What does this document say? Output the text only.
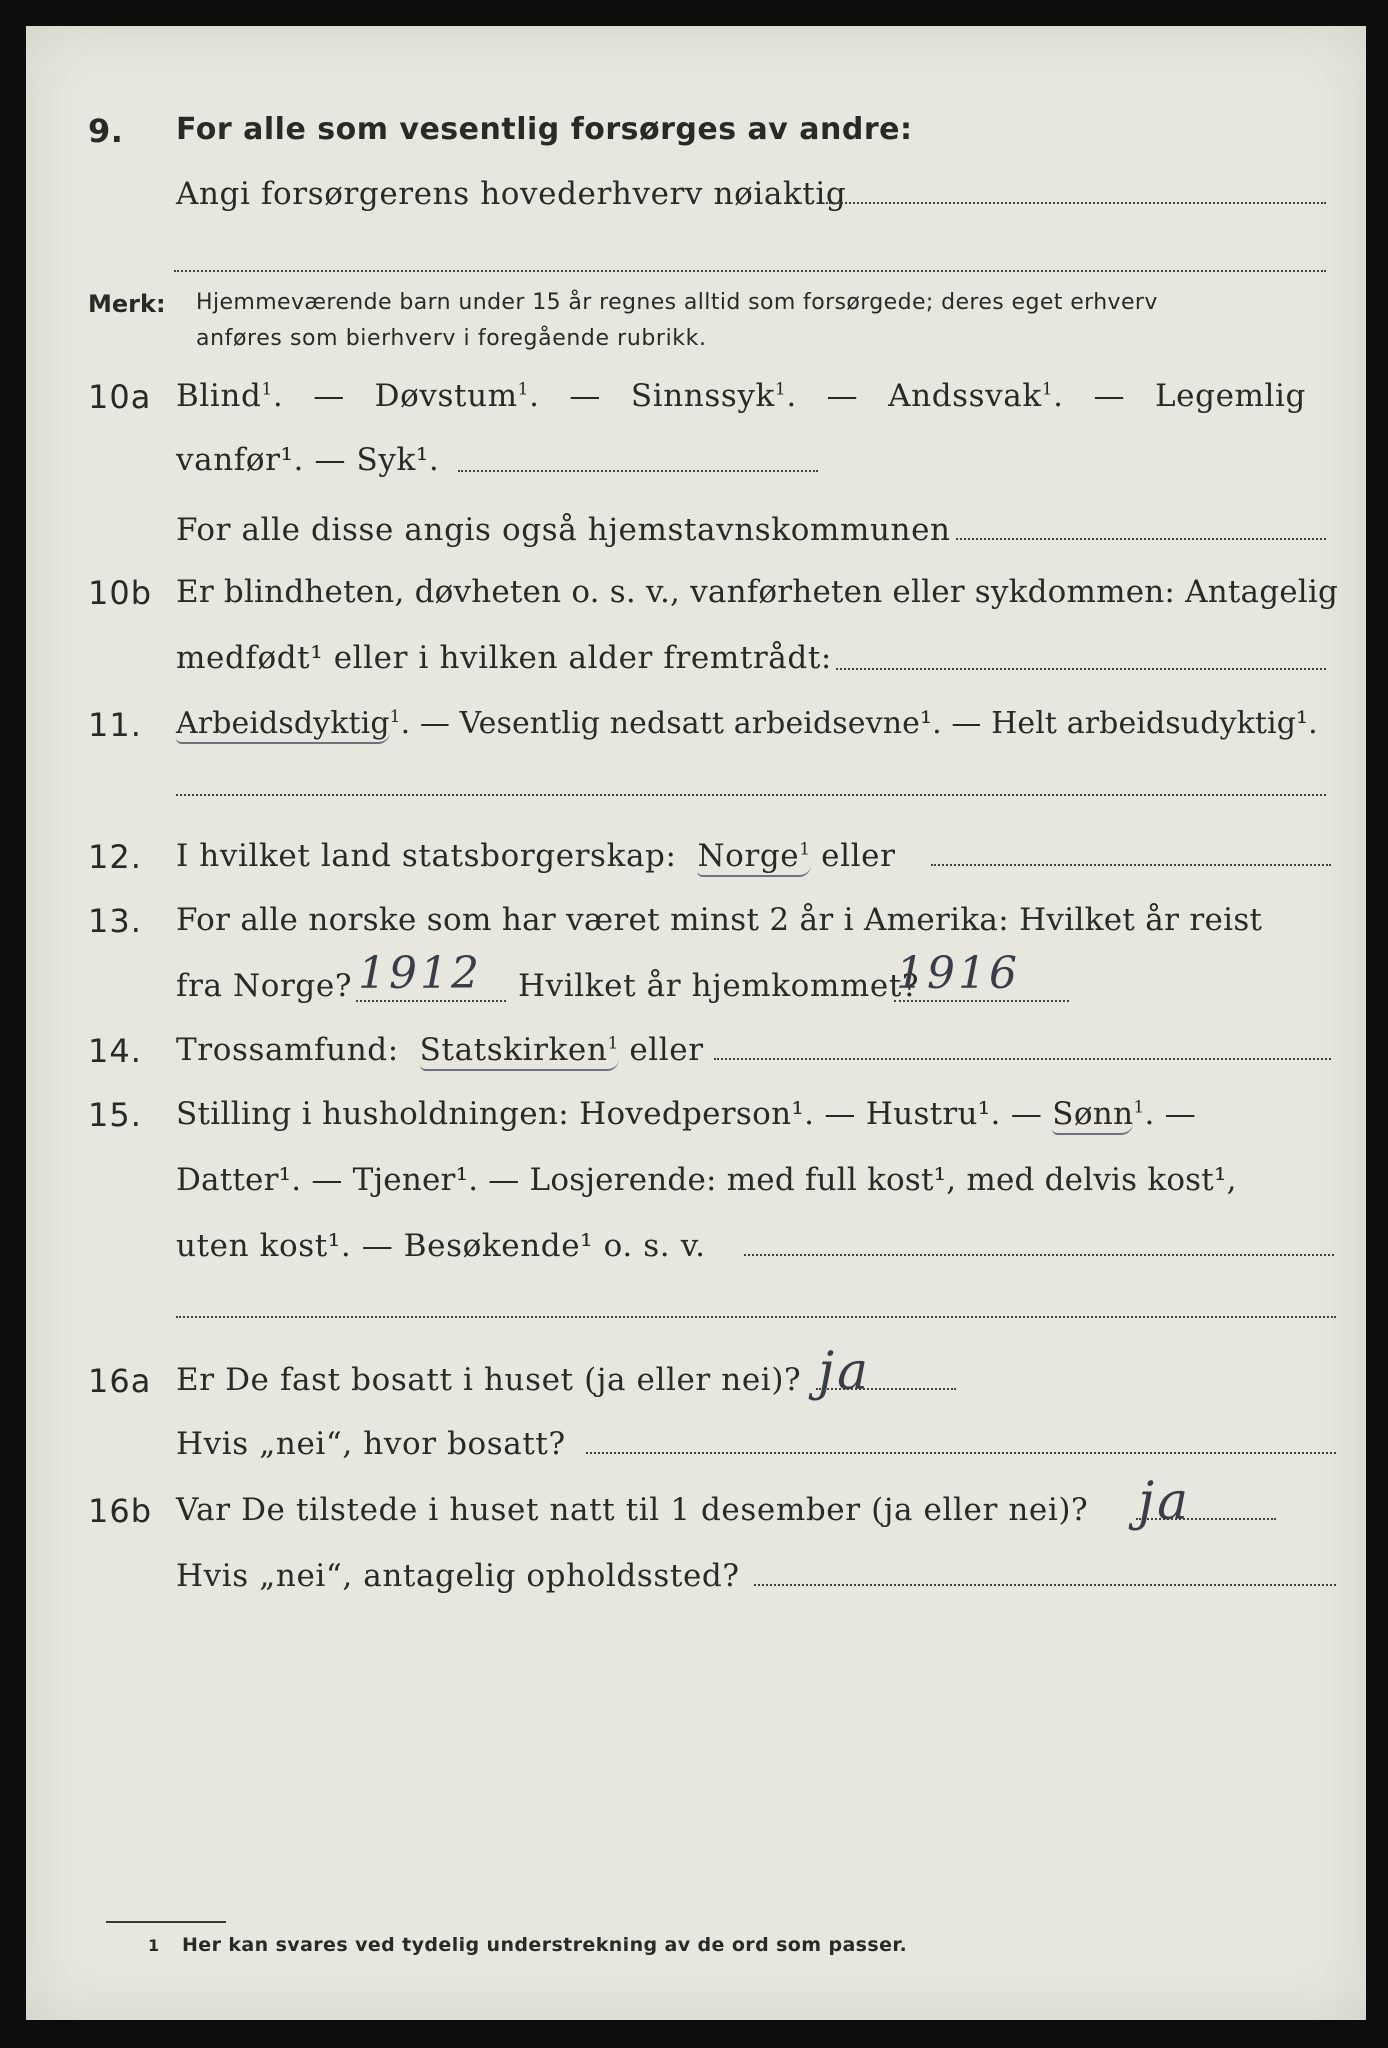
9. For alle som vesentlig forsørges av andre:
Angi forsørgerens hovederhverv nøiaktig
Merk: Hjemmeværende barn under 15 år regnes alltid som forsørgede; deres eget erhverv
anføres som bierhverv i foregående rubrikk.
10a Blind$^1$. — Døvstum$^1$. — Sinnssyk$^1$. — Andssvak$^1$. — Legemlig
vanfør¹. — Syk¹.
For alle disse angis også hjemstavnskommunen
10b Er blindheten, døvheten o. s. v., vanførheten eller sykdommen: Antagelig
medfødt¹ eller i hvilken alder fremtrådt:
11. Arbeidsdyktig$^1$. — Vesentlig nedsatt arbeidsevne¹. — Helt arbeidsudyktig¹.
12. I hvilket land statsborgerskap: Norge$^1$ eller
13. For alle norske som har været minst 2 år i Amerika: Hvilket år reist
fra Norge?	Hvilket år hjemkommet?
1912	1916
14. Trossamfund: Statskirken$^1$ eller
15. Stilling i husholdningen: Hovedperson¹. — Hustru¹. — Sønn$^1$. —
Datter¹. — Tjener¹. — Losjerende: med full kost¹, med delvis kost¹,
uten kost¹. — Besøkende¹ o. s. v.
16a Er De fast bosatt i huset (ja eller nei)? ja
Hvis „nei“, hvor bosatt?
16b Var De tilstede i huset natt til 1 desember (ja eller nei)? ja
Hvis „nei“, antagelig opholdssted?
1 Her kan svares ved tydelig understrekning av de ord som passer.
